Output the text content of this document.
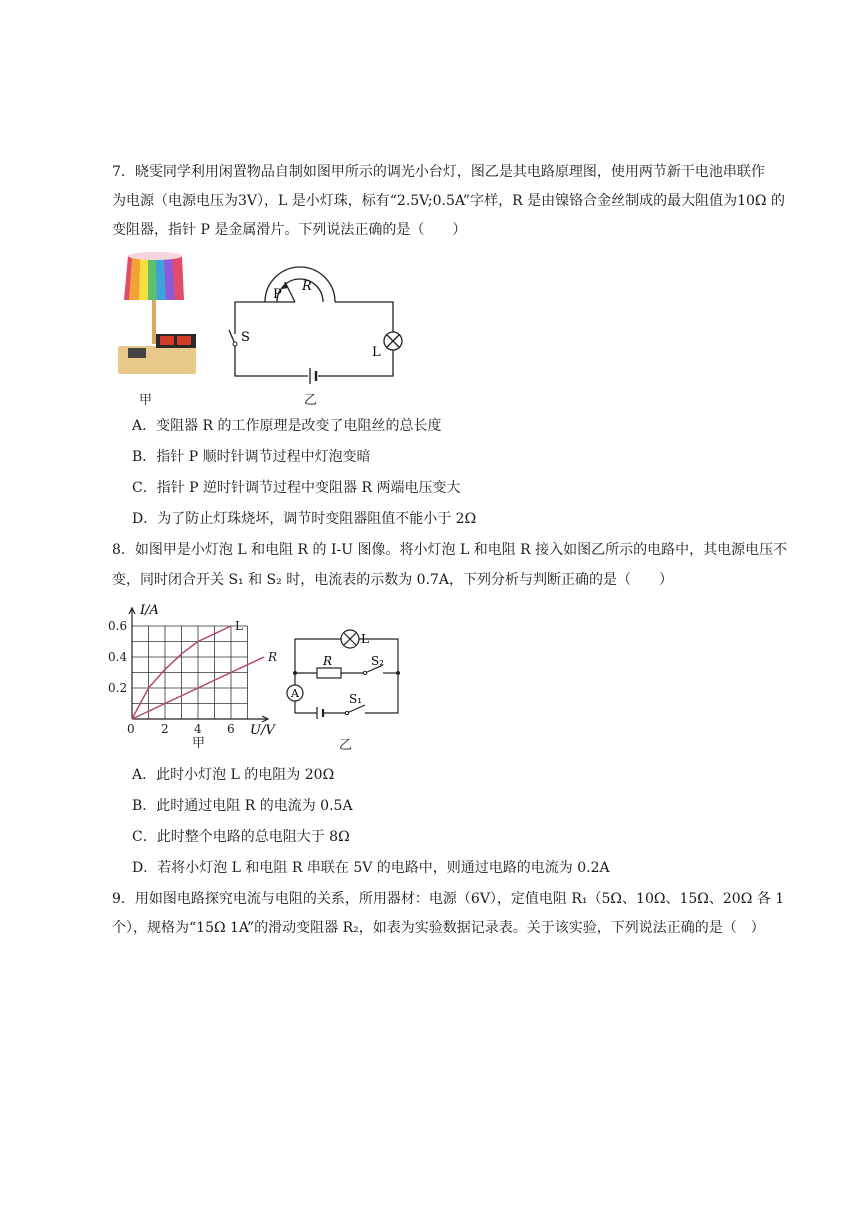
7．晓雯同学利用闲置物品自制如图甲所示的调光小台灯，图乙是其电路原理图，使用两节新干电池串联作
为电源（电源电压为3V），L 是小灯珠，标有“2.5V;0.5A”字样，R 是由镍铬合金丝制成的最大阻值为10Ω 的
变阻器，指针 P 是金属滑片。下列说法正确的是（　　）
甲
P
R
S
L
乙
A．变阻器 R 的工作原理是改变了电阻丝的总长度
B．指针 P 顺时针调节过程中灯泡变暗
C．指针 P 逆时针调节过程中变阻器 R 两端电压变大
D．为了防止灯珠烧坏，调节时变阻器阻值不能小于 2Ω
8．如图甲是小灯泡 L 和电阻 R 的 I-U 图像。将小灯泡 L 和电阻 R 接入如图乙所示的电路中，其电源电压不
变，同时闭合开关 S₁ 和 S₂ 时，电流表的示数为 0.7A，下列分析与判断正确的是（　　）
L
R
0 2 4 6
0.2
0.4
0.6
I/A
U/V
甲
A
L
R	S₂
S₁
乙
A．此时小灯泡 L 的电阻为 20Ω
B．此时通过电阻 R 的电流为 0.5A
C．此时整个电路的总电阻大于 8Ω
D．若将小灯泡 L 和电阻 R 串联在 5V 的电路中，则通过电路的电流为 0.2A
9．用如图电路探究电流与电阻的关系，所用器材：电源（6V），定值电阻 R₁（5Ω、10Ω、15Ω、20Ω 各 1
个），规格为“15Ω 1A”的滑动变阻器 R₂，如表为实验数据记录表。关于该实验，下列说法正确的是（　）
